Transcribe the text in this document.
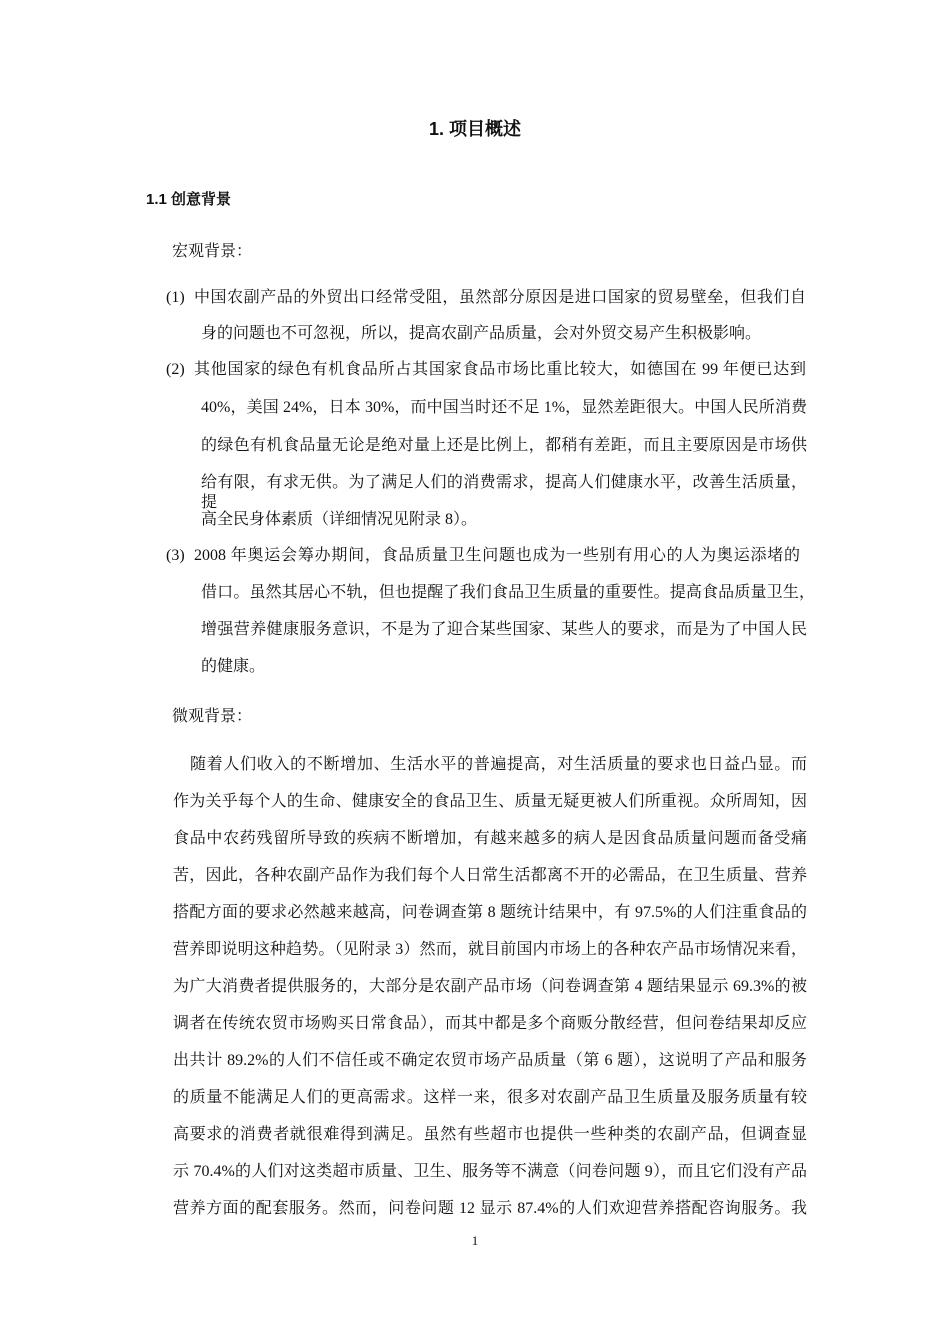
1. 项目概述
1.1 创意背景
宏观背景：
(1) 中国农副产品的外贸出口经常受阻，虽然部分原因是进口国家的贸易壁垒，但我们自
身的问题也不可忽视，所以，提高农副产品质量，会对外贸交易产生积极影响。
(2) 其他国家的绿色有机食品所占其国家食品市场比重比较大，如德国在 99 年便已达到
40%，美国 24%，日本 30%，而中国当时还不足 1%，显然差距很大。中国人民所消费
的绿色有机食品量无论是绝对量上还是比例上，都稍有差距，而且主要原因是市场供
给有限，有求无供。为了满足人们的消费需求，提高人们健康水平，改善生活质量，提
高全民身体素质（详细情况见附录 8）。
(3) 2008 年奥运会筹办期间，食品质量卫生问题也成为一些别有用心的人为奥运添堵的
借口。虽然其居心不轨，但也提醒了我们食品卫生质量的重要性。提高食品质量卫生，
增强营养健康服务意识，不是为了迎合某些国家、某些人的要求，而是为了中国人民
的健康。
微观背景：
随着人们收入的不断增加、生活水平的普遍提高，对生活质量的要求也日益凸显。而
作为关乎每个人的生命、健康安全的食品卫生、质量无疑更被人们所重视。众所周知，因
食品中农药残留所导致的疾病不断增加，有越来越多的病人是因食品质量问题而备受痛
苦，因此，各种农副产品作为我们每个人日常生活都离不开的必需品，在卫生质量、营养
搭配方面的要求必然越来越高，问卷调查第 8 题统计结果中，有 97.5%的人们注重食品的
营养即说明这种趋势。（见附录 3）然而，就目前国内市场上的各种农产品市场情况来看，
为广大消费者提供服务的，大部分是农副产品市场（问卷调查第 4 题结果显示 69.3%的被
调者在传统农贸市场购买日常食品），而其中都是多个商贩分散经营，但问卷结果却反应
出共计 89.2%的人们不信任或不确定农贸市场产品质量（第 6 题），这说明了产品和服务
的质量不能满足人们的更高需求。这样一来，很多对农副产品卫生质量及服务质量有较
高要求的消费者就很难得到满足。虽然有些超市也提供一些种类的农副产品，但调查显
示 70.4%的人们对这类超市质量、卫生、服务等不满意（问卷问题 9），而且它们没有产品
营养方面的配套服务。然而，问卷问题 12 显示 87.4%的人们欢迎营养搭配咨询服务。我
1
